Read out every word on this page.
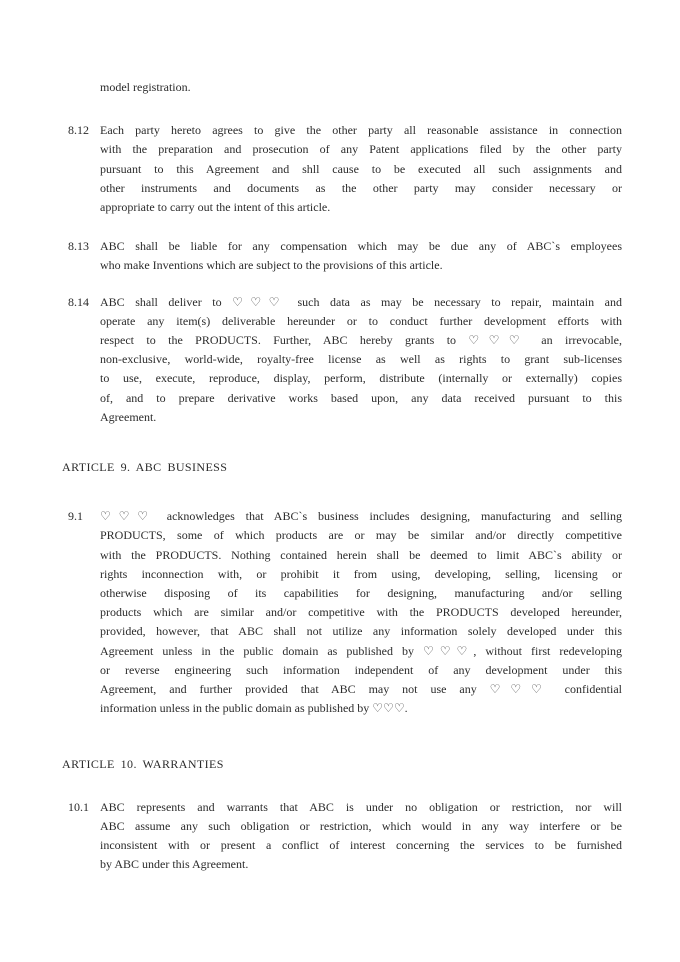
model registration.
8.12 Each party hereto agrees to give the other party all reasonable assistance in connection
with the preparation and prosecution of any Patent applications filed by the other party
pursuant to this Agreement and shll cause to be executed all such assignments and
other instruments and documents as the other party may consider necessary or
appropriate to carry out the intent of this article.
8.13 ABC shall be liable for any compensation which may be due any of ABC`s employees
who make Inventions which are subject to the provisions of this article.
8.14 ABC shall deliver to ♡♡♡ such data as may be necessary to repair, maintain and
operate any item(s) deliverable hereunder or to conduct further development efforts with
respect to the PRODUCTS. Further, ABC hereby grants to ♡♡♡ an irrevocable,
non-exclusive, world-wide, royalty-free license as well as rights to grant sub-licenses
to use, execute, reproduce, display, perform, distribute (internally or externally) copies
of, and to prepare derivative works based upon, any data received pursuant to this
Agreement.
ARTICLE 9. ABC BUSINESS
9.1	♡♡♡ acknowledges that ABC`s business includes designing, manufacturing and selling
PRODUCTS, some of which products are or may be similar and/or directly competitive
with the PRODUCTS. Nothing contained herein shall be deemed to limit ABC`s ability or
rights inconnection with, or prohibit it from using, developing, selling, licensing or
otherwise disposing of its capabilities for designing, manufacturing and/or selling
products which are similar and/or competitive with the PRODUCTS developed hereunder,
provided, however, that ABC shall not utilize any information solely developed under this
Agreement unless in the public domain as published by ♡♡♡, without first redeveloping
or reverse engineering such information independent of any development under this
Agreement, and further provided that ABC may not use any ♡♡♡ confidential
information unless in the public domain as published by ♡♡♡.
ARTICLE 10. WARRANTIES
10.1 ABC represents and warrants that ABC is under no obligation or restriction, nor will
ABC assume any such obligation or restriction, which would in any way interfere or be
inconsistent with or present a conflict of interest concerning the services to be furnished
by ABC under this Agreement.
